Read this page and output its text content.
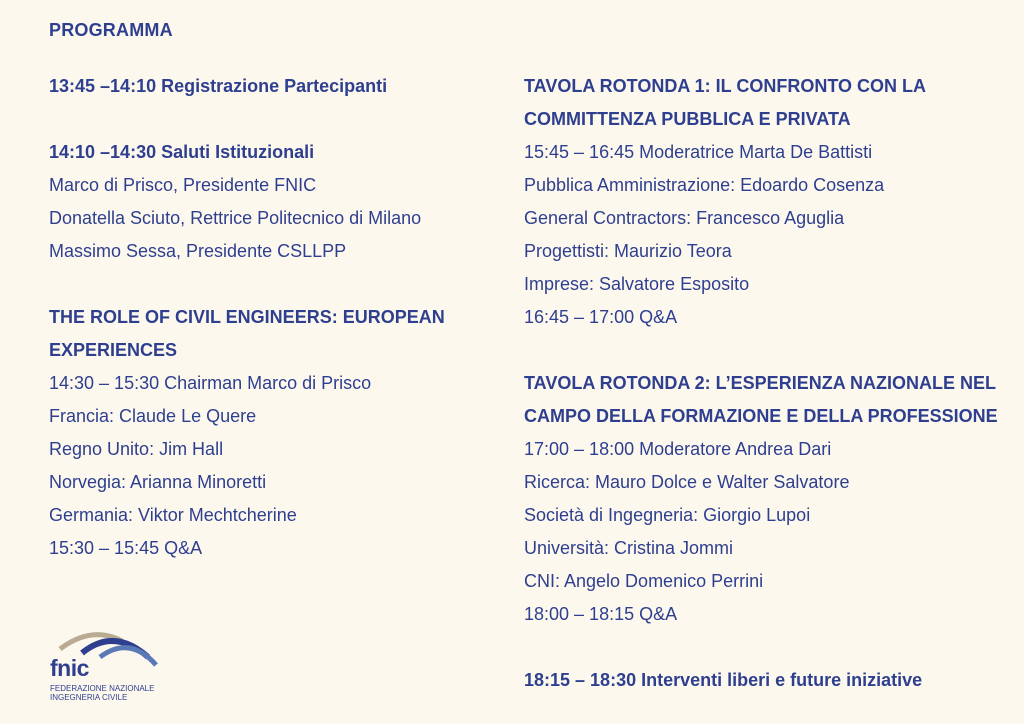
PROGRAMMA
13:45 –14:10 Registrazione Partecipanti
14:10 –14:30 Saluti Istituzionali
Marco di Prisco, Presidente FNIC
Donatella Sciuto, Rettrice Politecnico di Milano
Massimo Sessa, Presidente CSLLPP
THE ROLE OF CIVIL ENGINEERS: EUROPEAN
EXPERIENCES
14:30 – 15:30 Chairman Marco di Prisco
Francia: Claude Le Quere
Regno Unito: Jim Hall
Norvegia: Arianna Minoretti
Germania: Viktor Mechtcherine
15:30 – 15:45 Q&A
TAVOLA ROTONDA 1: IL CONFRONTO CON LA
COMMITTENZA PUBBLICA E PRIVATA
15:45 – 16:45 Moderatrice Marta De Battisti
Pubblica Amministrazione: Edoardo Cosenza
General Contractors: Francesco Aguglia
Progettisti: Maurizio Teora
Imprese: Salvatore Esposito
16:45 – 17:00 Q&A
TAVOLA ROTONDA 2: L’ESPERIENZA NAZIONALE NEL
CAMPO DELLA FORMAZIONE E DELLA PROFESSIONE
17:00 – 18:00 Moderatore Andrea Dari
Ricerca: Mauro Dolce e Walter Salvatore
Società di Ingegneria: Giorgio Lupoi
Università: Cristina Jommi
CNI: Angelo Domenico Perrini
18:00 – 18:15 Q&A
18:15 – 18:30 Interventi liberi e future iniziative
fnic
FEDERAZIONE NAZIONALE
INGEGNERIA CIVILE
